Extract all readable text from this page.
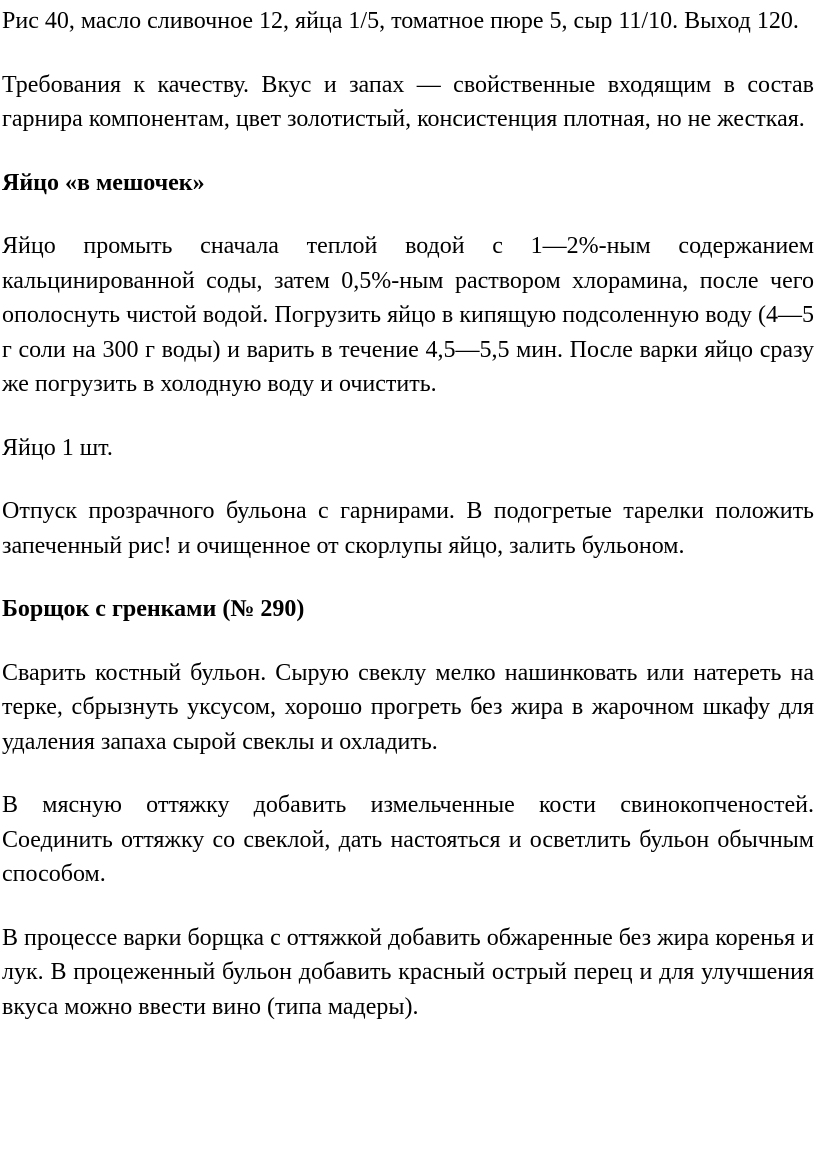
Рис 40, масло сливочное 12, яйца 1/5, томатное пюре 5, сыр 11/10. Выход 120.

Требования к качеству. Вкус и запах — свойственные входящим в состав гарнира компонентам, цвет золотистый, консистенция плотная, но не жесткая.

Яйцо «в мешочек»

Яйцо промыть сначала теплой водой с 1—2%-ным содержанием кальцинированной соды, затем 0,5%-ным раствором хлорамина, после чего ополоснуть чистой водой. Погрузить яйцо в кипящую подсоленную воду (4—5 г соли на 300 г воды) и варить в течение 4,5—5,5 мин. После варки яйцо сразу же погрузить в холодную воду и очистить.

Яйцо 1 шт.

Отпуск прозрачного бульона с гарнирами. В подогретые тарелки положить запеченный рис! и очищенное от скорлупы яйцо, залить бульоном.

Борщок с гренками (№ 290)

Сварить костный бульон. Сырую свеклу мелко нашинковать или натереть на терке, сбрызнуть уксусом, хорошо прогреть без жира в жарочном шкафу для удаления запаха сырой свеклы и охладить.

В мясную оттяжку добавить измельченные кости свинокопченостей. Соединить оттяжку со свеклой, дать настояться и осветлить бульон обычным способом.

В процессе варки борщка с оттяжкой добавить обжаренные без жира коренья и лук. В процеженный бульон добавить красный острый перец и для улучшения вкуса можно ввести вино (типа мадеры).
